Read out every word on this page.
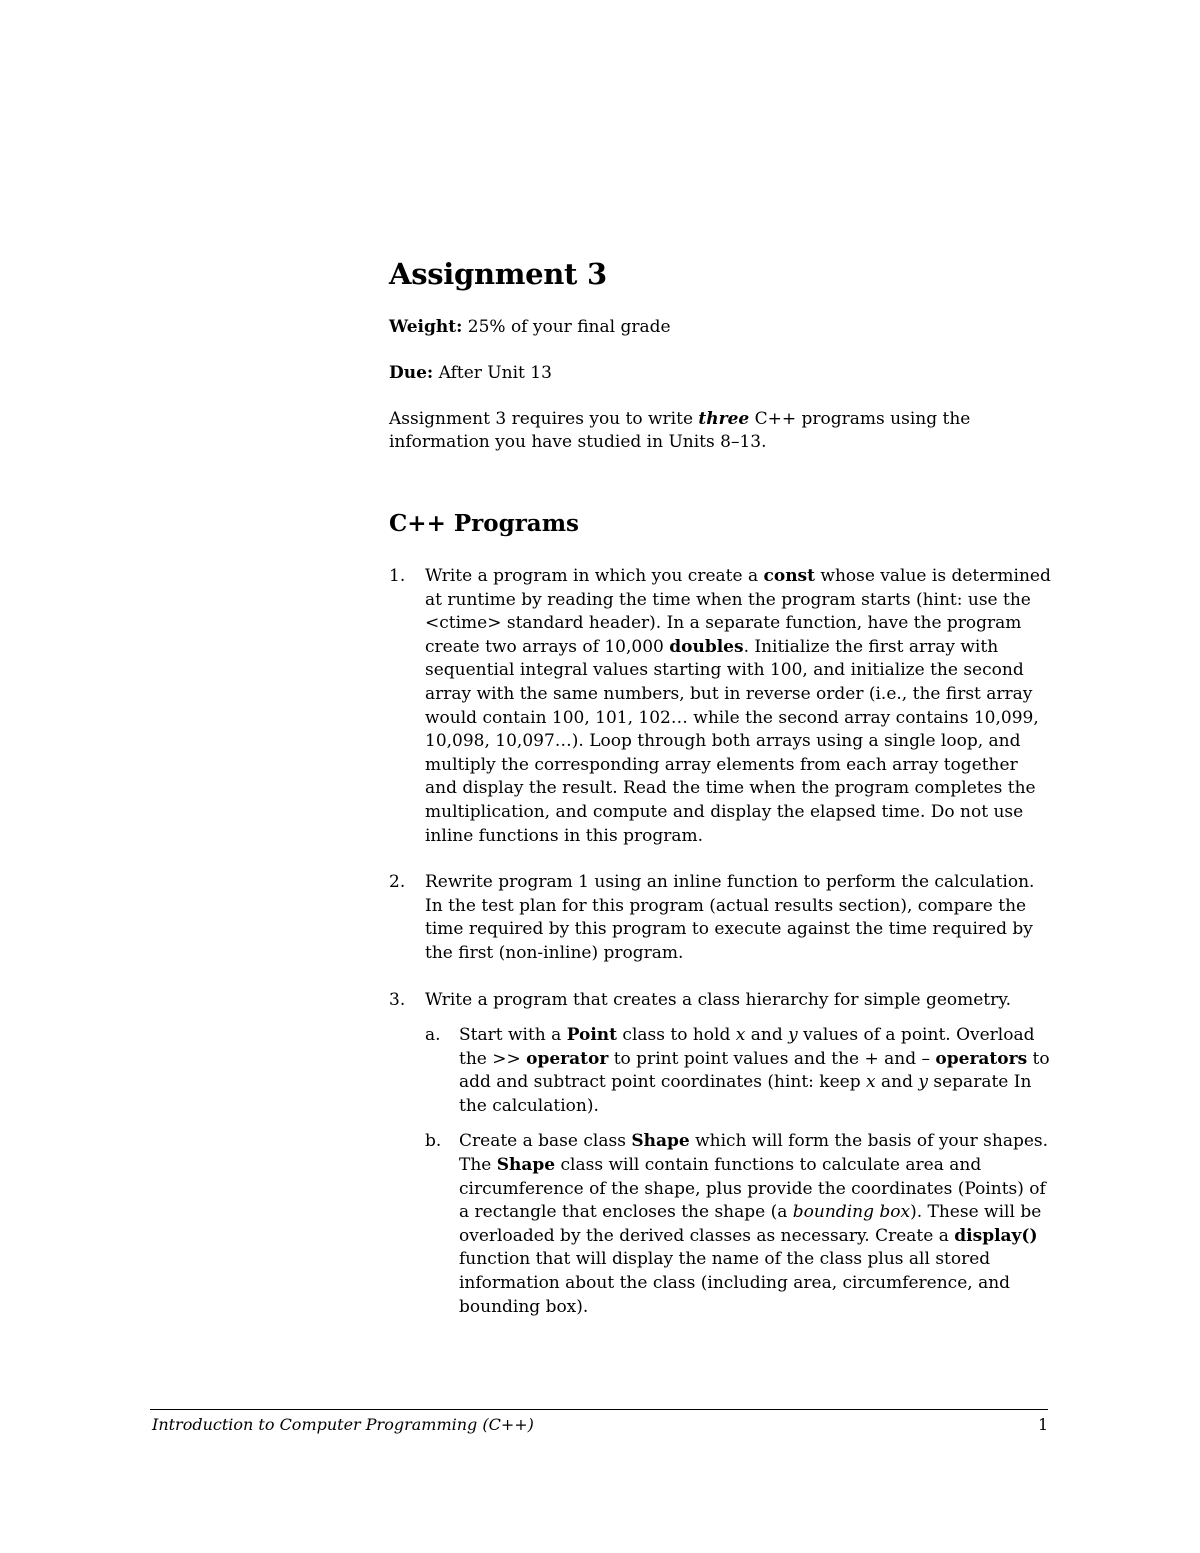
Assignment 3
Weight: 25% of your final grade
Due: After Unit 13

Assignment 3 requires you to write three C++ programs using the information you have studied in Units 8–13.

C++ Programs
1. Write a program in which you create a const whose value is determined at runtime by reading the time when the program starts (hint: use the <ctime> standard header). In a separate function, have the program create two arrays of 10,000 doubles. Initialize the first array with sequential integral values starting with 100, and initialize the second array with the same numbers, but in reverse order (i.e., the first array would contain 100, 101, 102… while the second array contains 10,099, 10,098, 10,097…). Loop through both arrays using a single loop, and multiply the corresponding array elements from each array together and display the result. Read the time when the program completes the multiplication, and compute and display the elapsed time. Do not use inline functions in this program.
2. Rewrite program 1 using an inline function to perform the calculation. In the test plan for this program (actual results section), compare the time required by this program to execute against the time required by the first (non-inline) program.
3. Write a program that creates a class hierarchy for simple geometry.
a. Start with a Point class to hold x and y values of a point. Overload the >> operator to print point values and the + and – operators to add and subtract point coordinates (hint: keep x and y separate In the calculation).
b. Create a base class Shape which will form the basis of your shapes. The Shape class will contain functions to calculate area and circumference of the shape, plus provide the coordinates (Points) of a rectangle that encloses the shape (a bounding box). These will be overloaded by the derived classes as necessary. Create a display() function that will display the name of the class plus all stored information about the class (including area, circumference, and bounding box).
Introduction to Computer Programming (C++)	1
